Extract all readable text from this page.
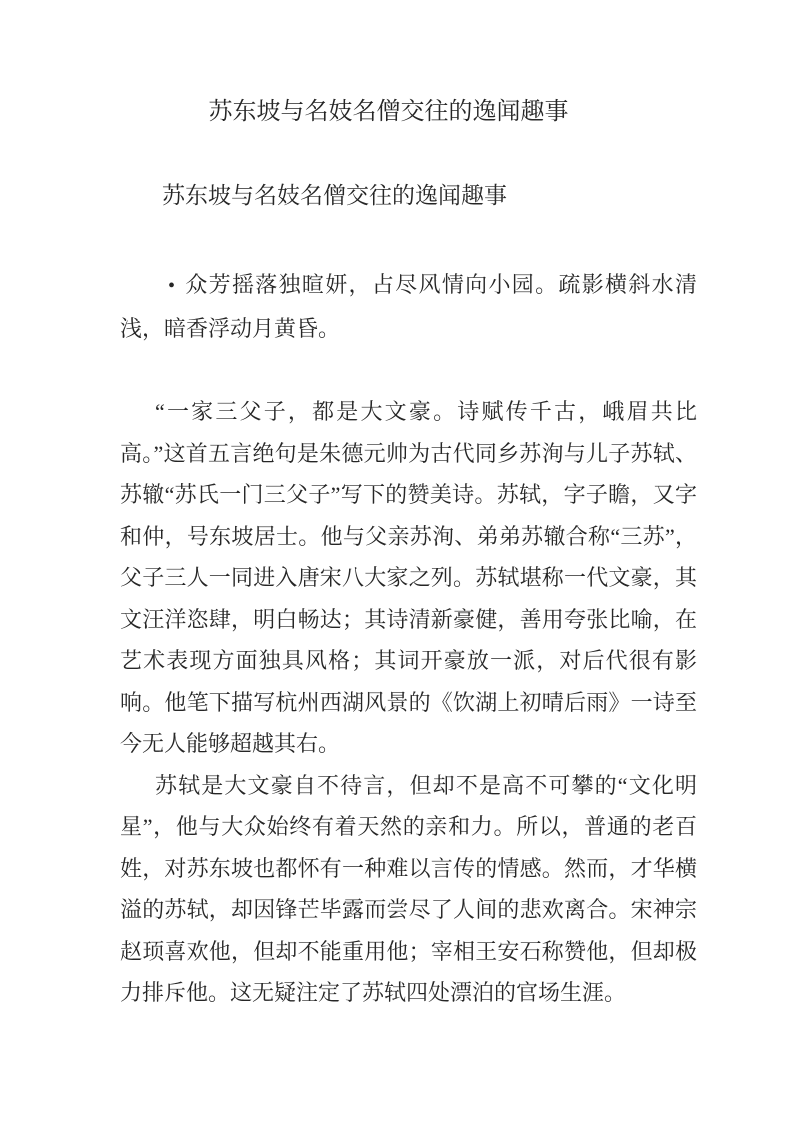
苏东坡与名妓名僧交往的逸闻趣事
苏东坡与名妓名僧交往的逸闻趣事

• 众芳摇落独暄妍，占尽风情向小园。疏影横斜水清浅，暗香浮动月黄昏。

“一家三父子，都是大文豪。诗赋传千古，峨眉共比高。”这首五言绝句是朱德元帅为古代同乡苏洵与儿子苏轼、苏辙“苏氏一门三父子”写下的赞美诗。苏轼，字子瞻，又字和仲，号东坡居士。他与父亲苏洵、弟弟苏辙合称“三苏”，父子三人一同进入唐宋八大家之列。苏轼堪称一代文豪，其文汪洋恣肆，明白畅达；其诗清新豪健，善用夸张比喻，在艺术表现方面独具风格；其词开豪放一派，对后代很有影响。他笔下描写杭州西湖风景的《饮湖上初晴后雨》一诗至今无人能够超越其右。

苏轼是大文豪自不待言，但却不是高不可攀的“文化明星”，他与大众始终有着天然的亲和力。所以，普通的老百姓，对苏东坡也都怀有一种难以言传的情感。然而，才华横溢的苏轼，却因锋芒毕露而尝尽了人间的悲欢离合。宋神宗赵顼喜欢他，但却不能重用他；宰相王安石称赞他，但却极力排斥他。这无疑注定了苏轼四处漂泊的官场生涯。
